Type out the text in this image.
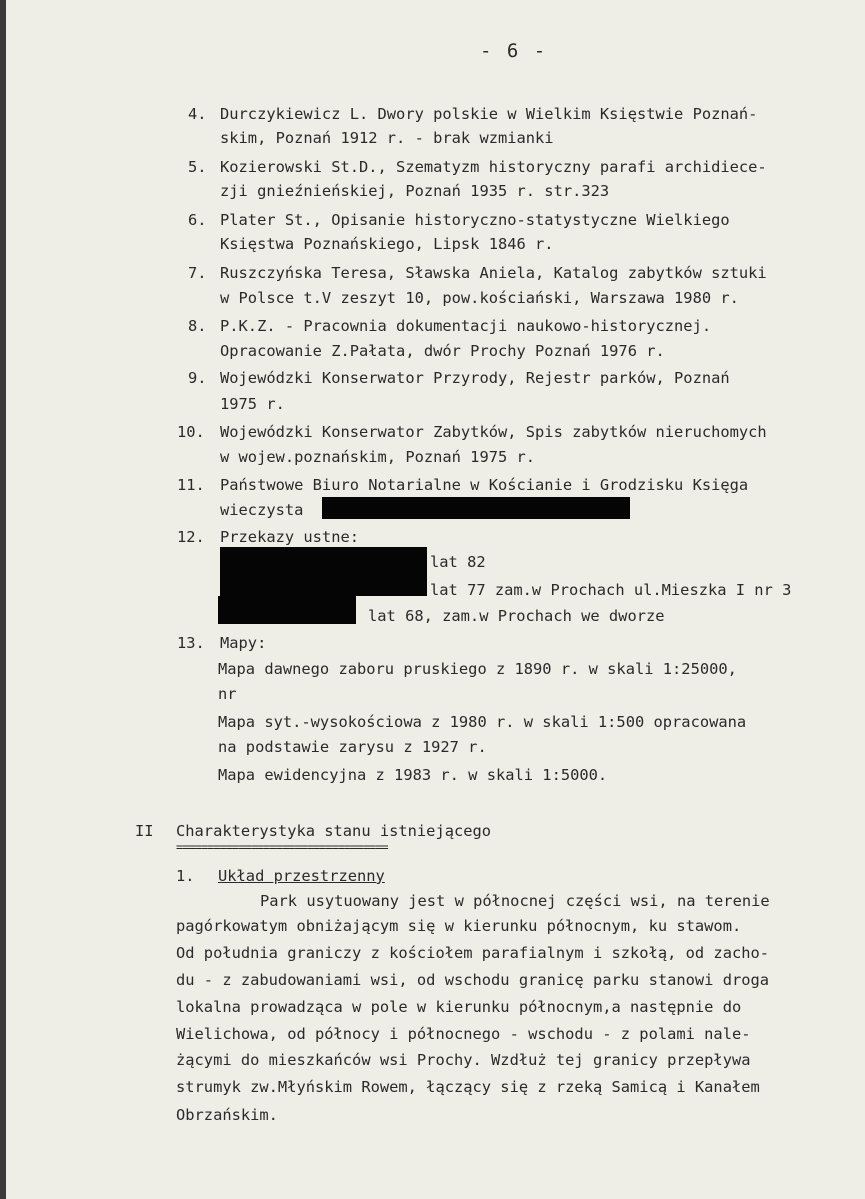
- 6 -
4. Durczykiewicz L. Dwory polskie w Wielkim Księstwie Poznań-
skim, Poznań 1912 r. - brak wzmianki
5. Kozierowski St.D., Szematyzm historyczny parafi archidiece-
zji gnieźnieńskiej, Poznań 1935 r. str.323
6. Plater St., Opisanie historyczno-statystyczne Wielkiego
Księstwa Poznańskiego, Lipsk 1846 r.
7. Ruszczyńska Teresa, Sławska Aniela, Katalog zabytków sztuki
w Polsce t.V zeszyt 10, pow.kościański, Warszawa 1980 r.
8. P.K.Z. - Pracownia dokumentacji naukowo-historycznej.
Opracowanie Z.Pałata, dwór Prochy Poznań 1976 r.
9. Wojewódzki Konserwator Przyrody, Rejestr parków, Poznań
1975 r.
10. Wojewódzki Konserwator Zabytków, Spis zabytków nieruchomych
w wojew.poznańskim, Poznań 1975 r.
11. Państwowe Biuro Notarialne w Kościanie i Grodzisku Księga
wieczysta
12. Przekazy ustne:
lat 82
lat 77 zam.w Prochach ul.Mieszka I nr 3
lat 68, zam.w Prochach we dworze
13. Mapy:
Mapa dawnego zaboru pruskiego z 1890 r. w skali 1:25000,
nr
Mapa syt.-wysokościowa z 1980 r. w skali 1:500 opracowana
na podstawie zarysu z 1927 r.
Mapa ewidencyjna z 1983 r. w skali 1:5000.
II Charakterystyka stanu istniejącego
==================================
1. Układ przestrzenny
Park usytuowany jest w północnej części wsi, na terenie
pagórkowatym obniżającym się w kierunku północnym, ku stawom.
Od południa graniczy z kościołem parafialnym i szkołą, od zacho-
du - z zabudowaniami wsi, od wschodu granicę parku stanowi droga
lokalna prowadząca w pole w kierunku północnym,a następnie do
Wielichowa, od północy i północnego - wschodu - z polami nale-
żącymi do mieszkańców wsi Prochy. Wzdłuż tej granicy przepływa
strumyk zw.Młyńskim Rowem, łączący się z rzeką Samicą i Kanałem
Obrzańskim.
